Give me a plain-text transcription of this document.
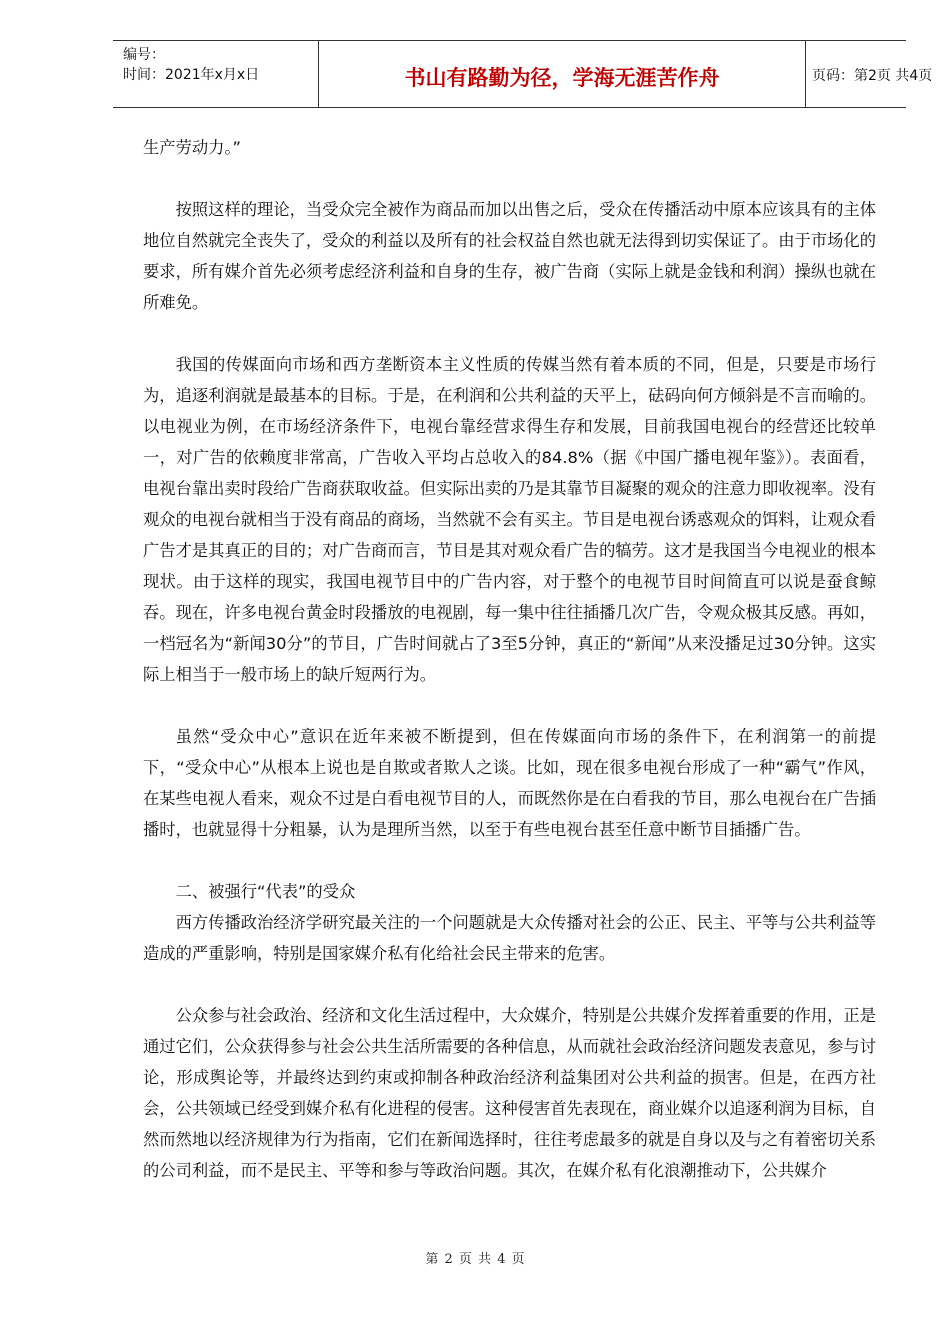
编号：
时间：2021年x月x日	书山有路勤为径，学海无涯苦作舟	页码：第2页 共4页

生产劳动力。”

按照这样的理论，当受众完全被作为商品而加以出售之后，受众在传播活动中原本应该具有的主体地位自然就完全丧失了，受众的利益以及所有的社会权益自然也就无法得到切实保证了。由于市场化的要求，所有媒介首先必须考虑经济利益和自身的生存，被广告商（实际上就是金钱和利润）操纵也就在所难免。

我国的传媒面向市场和西方垄断资本主义性质的传媒当然有着本质的不同，但是，只要是市场行为，追逐利润就是最基本的目标。于是，在利润和公共利益的天平上，砝码向何方倾斜是不言而喻的。以电视业为例，在市场经济条件下，电视台靠经营求得生存和发展，目前我国电视台的经营还比较单一，对广告的依赖度非常高，广告收入平均占总收入的84.8%（据《中国广播电视年鉴》）。表面看，电视台靠出卖时段给广告商获取收益。但实际出卖的乃是其靠节目凝聚的观众的注意力即收视率。没有观众的电视台就相当于没有商品的商场，当然就不会有买主。节目是电视台诱惑观众的饵料，让观众看广告才是其真正的目的；对广告商而言，节目是其对观众看广告的犒劳。这才是我国当今电视业的根本现状。由于这样的现实，我国电视节目中的广告内容，对于整个的电视节目时间简直可以说是蚕食鲸吞。现在，许多电视台黄金时段播放的电视剧，每一集中往往插播几次广告，令观众极其反感。再如，一档冠名为“新闻30分”的节目，广告时间就占了3至5分钟，真正的“新闻”从来没播足过30分钟。这实际上相当于一般市场上的缺斤短两行为。

虽然“受众中心”意识在近年来被不断提到，但在传媒面向市场的条件下，在利润第一的前提下，“受众中心”从根本上说也是自欺或者欺人之谈。比如，现在很多电视台形成了一种“霸气”作风，在某些电视人看来，观众不过是白看电视节目的人，而既然你是在白看我的节目，那么电视台在广告插播时，也就显得十分粗暴，认为是理所当然，以至于有些电视台甚至任意中断节目插播广告。

二、被强行“代表”的受众

西方传播政治经济学研究最关注的一个问题就是大众传播对社会的公正、民主、平等与公共利益等造成的严重影响，特别是国家媒介私有化给社会民主带来的危害。

公众参与社会政治、经济和文化生活过程中，大众媒介，特别是公共媒介发挥着重要的作用，正是通过它们，公众获得参与社会公共生活所需要的各种信息，从而就社会政治经济问题发表意见，参与讨论，形成舆论等，并最终达到约束或抑制各种政治经济利益集团对公共利益的损害。但是，在西方社会，公共领域已经受到媒介私有化进程的侵害。这种侵害首先表现在，商业媒介以追逐利润为目标，自然而然地以经济规律为行为指南，它们在新闻选择时，往往考虑最多的就是自身以及与之有着密切关系的公司利益，而不是民主、平等和参与等政治问题。其次，在媒介私有化浪潮推动下，公共媒介

第 2 页 共 4 页
